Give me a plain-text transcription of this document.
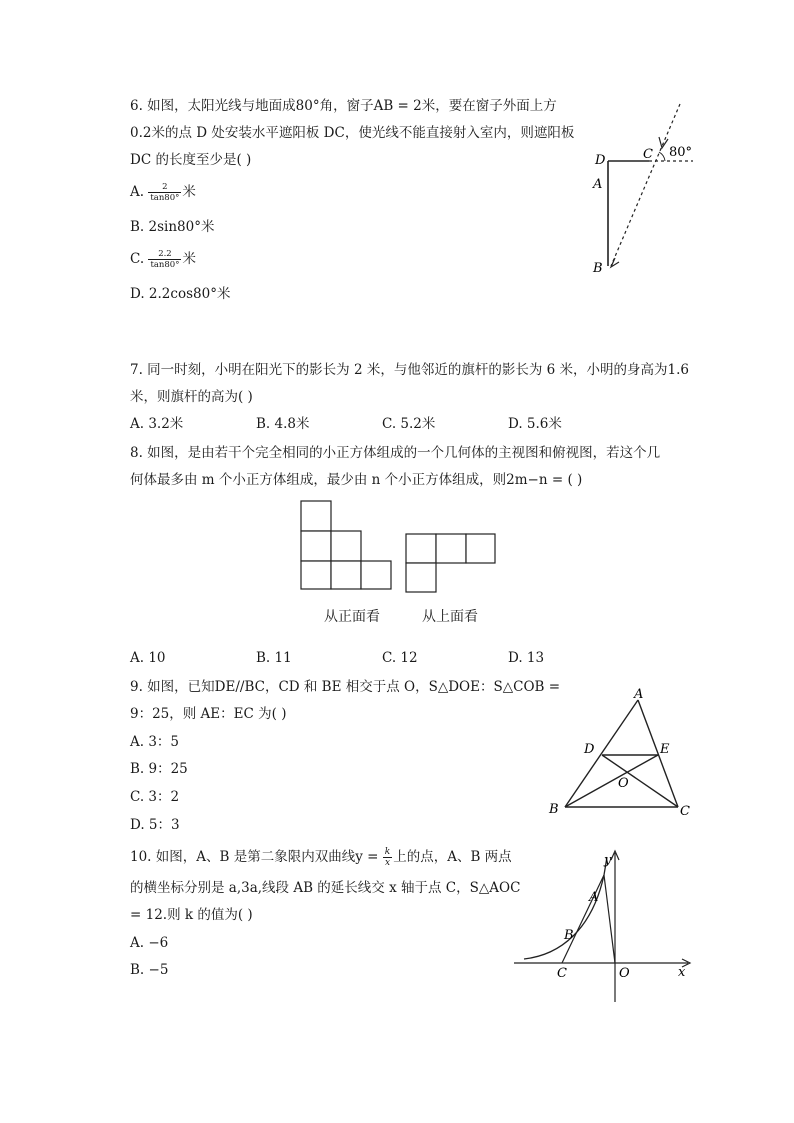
6. 如图，太阳光线与地面成80°角，窗子AB = 2米，要在窗子外面上方
0.2米的点 D 处安装水平遮阳板 DC，使光线不能直接射入室内，则遮阳板
DC 的长度至少是( )
A. $\frac{2}{\tan 80^\circ}$ 米
B. 2sin80°米
C. $\frac{2.2}{\tan 80^\circ}$ 米
D. 2.2cos80°米
D	C 80°
A
B
7. 同一时刻，小明在阳光下的影长为 2 米，与他邻近的旗杆的影长为 6 米，小明的身高为1.6
米，则旗杆的高为( )
A. 3.2米	B. 4.8米	C. 5.2米	D. 5.6米
8. 如图，是由若干个完全相同的小正方体组成的一个几何体的主视图和俯视图，若这个几
何体最多由 m 个小正方体组成，最少由 n 个小正方体组成，则2m−n = ( )
从正面看	从上面看
A. 10	B. 11	C. 12	D. 13
9. 如图，已知DE//BC，CD 和 BE 相交于点 O，S△DOE：S△COB =
9：25，则 AE：EC 为( )
A. 3：5
B. 9：25
C. 3：2
D. 5：3
A
D	E
O
B	C
10. 如图，A、B 是第二象限内双曲线$y = \frac{k}{x}$ 上的点，A、B 两点
的横坐标分别是 a,3a,线段 AB 的延长线交 x 轴于点 C，S△AOC
= 12.则 k 的值为( )
A. −6
B. −5
y
x
A
B
C	O
